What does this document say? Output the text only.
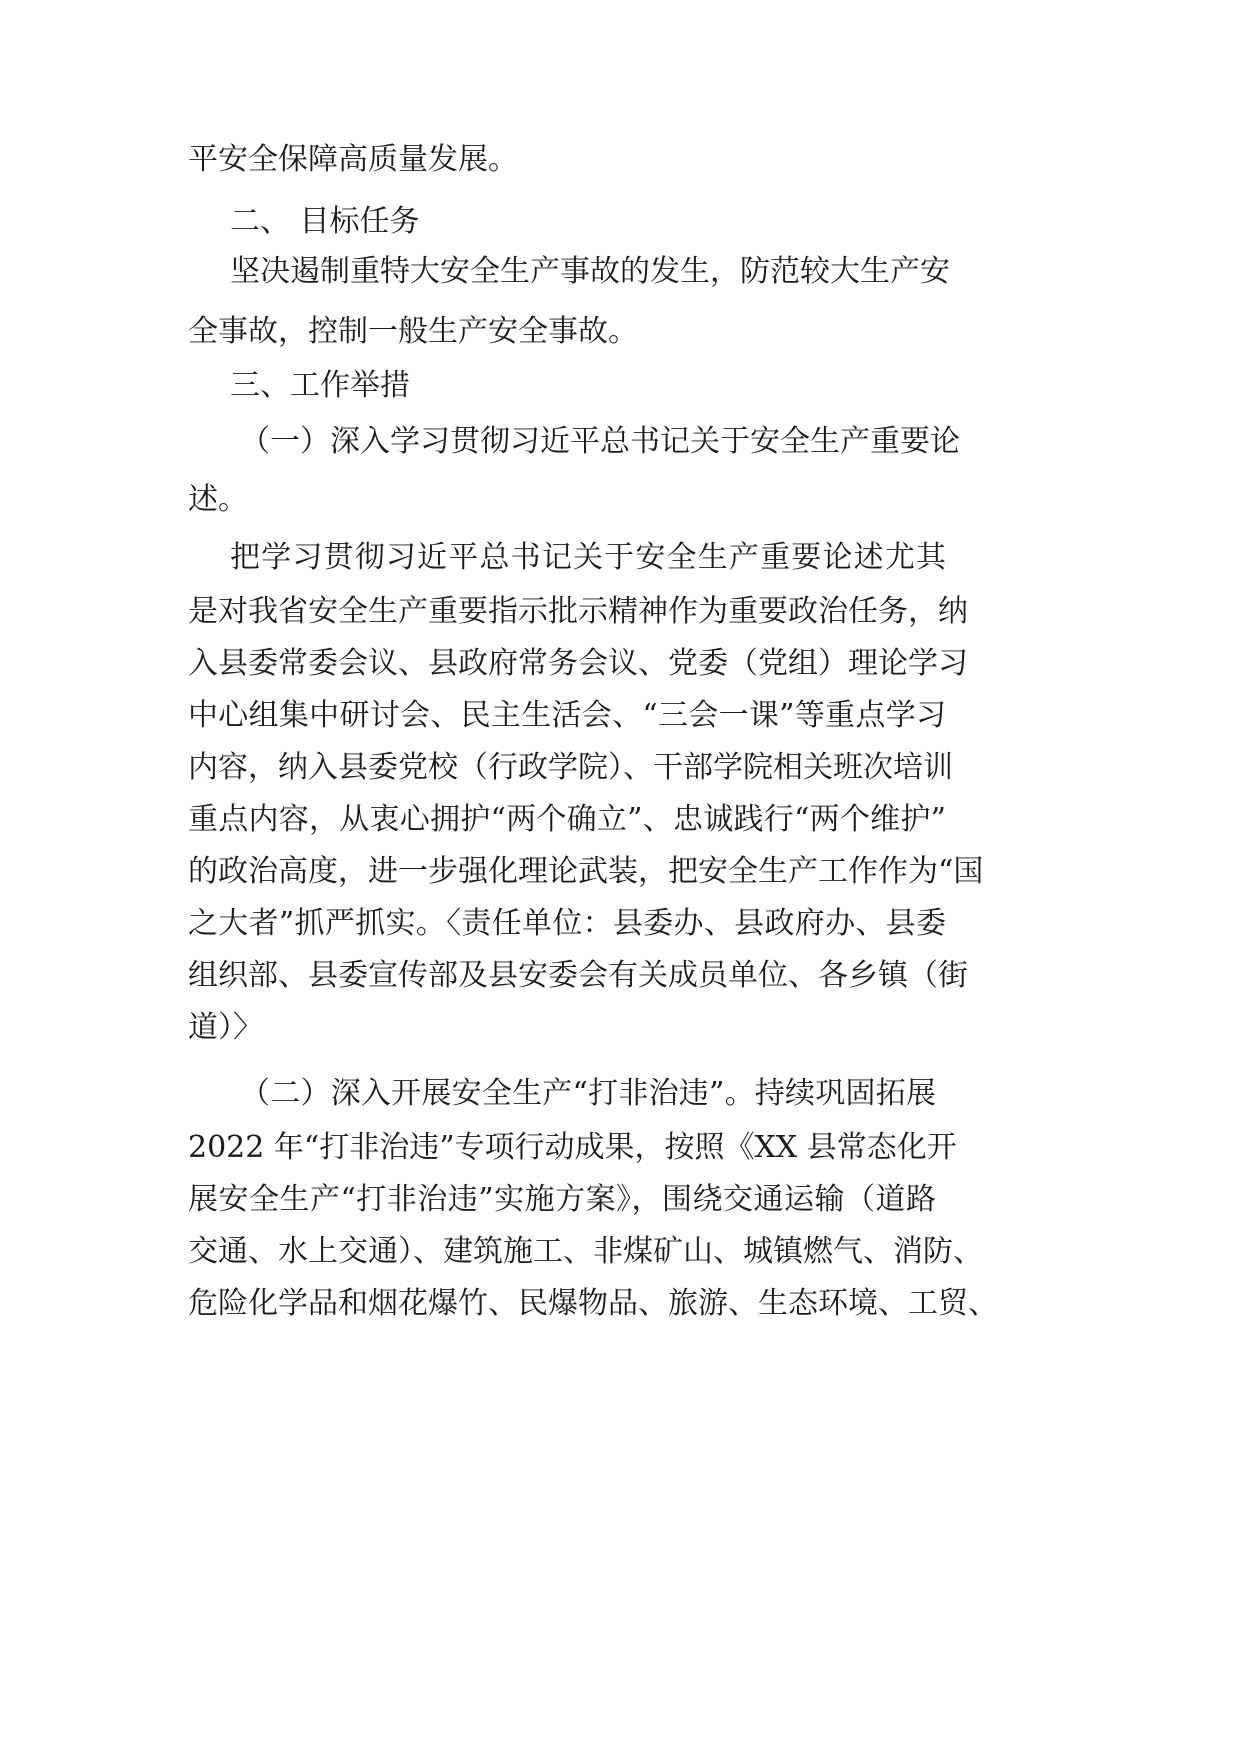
平安全保障高质量发展。

二、 目标任务

坚决遏制重特大安全生产事故的发生，防范较大生产安

全事故，控制一般生产安全事故。

三、工作举措

（一）深入学习贯彻习近平总书记关于安全生产重要论

述。

把学习贯彻习近平总书记关于安全生产重要论述尤其

是对我省安全生产重要指示批示精神作为重要政治任务，纳

入县委常委会议、县政府常务会议、党委（党组）理论学习

中心组集中研讨会、民主生活会、“三会一课”等重点学习

内容，纳入县委党校（行政学院）、干部学院相关班次培训

重点内容，从衷心拥护“两个确立”、忠诚践行“两个维护”

的政治高度，进一步强化理论武装，把安全生产工作作为“国

之大者”抓严抓实。〈责任单位：县委办、县政府办、县委

组织部、县委宣传部及县安委会有关成员单位、各乡镇（街

道）〉

（二）深入开展安全生产“打非治违”。持续巩固拓展

2022 年“打非治违”专项行动成果，按照《XX 县常态化开

展安全生产“打非治违”实施方案》，围绕交通运输（道路

交通、水上交通）、建筑施工、非煤矿山、城镇燃气、消防、

危险化学品和烟花爆竹、民爆物品、旅游、生态环境、工贸、
